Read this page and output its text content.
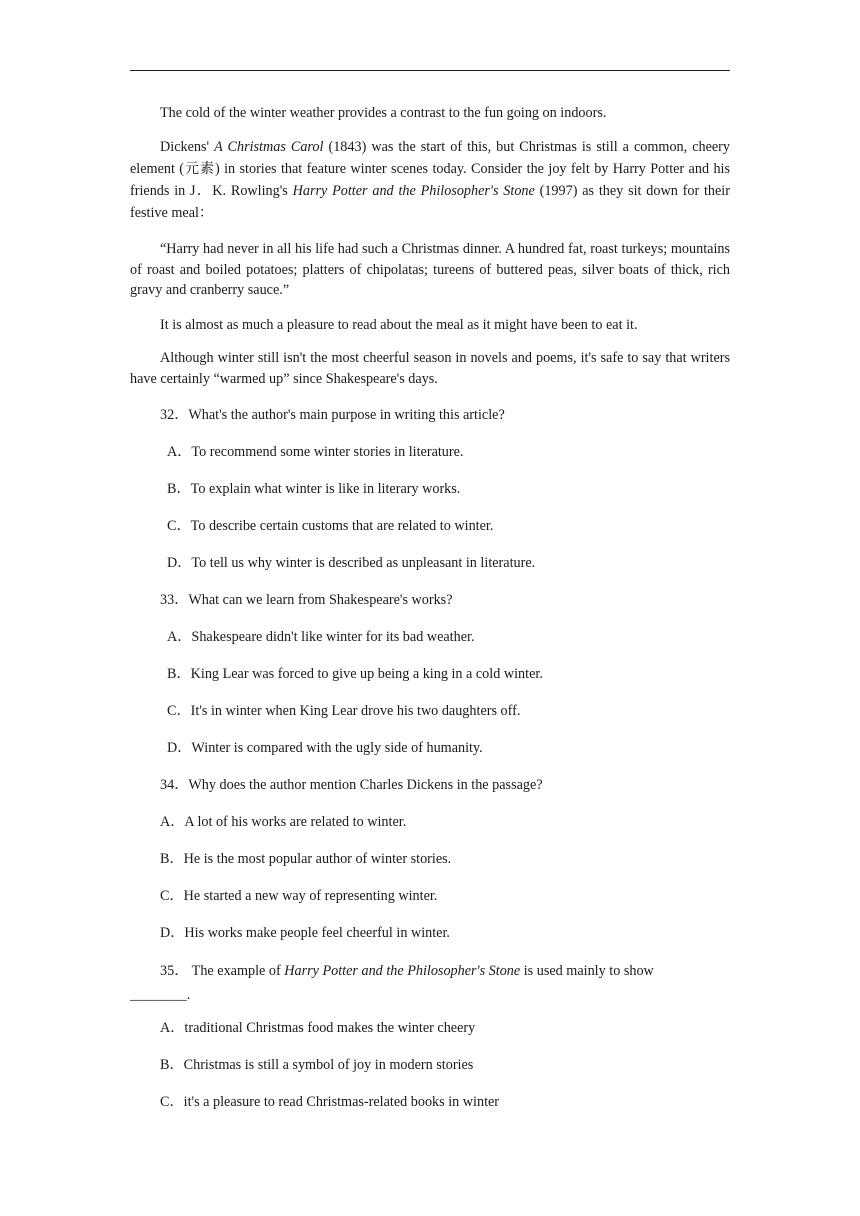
The cold of the winter weather provides a contrast to the fun going on indoors.

Dickens' A Christmas Carol (1843) was the start of this, but Christmas is still a common, cheery element (元素) in stories that feature winter scenes today. Consider the joy felt by Harry Potter and his friends in J．K. Rowling's Harry Potter and the Philosopher's Stone (1997) as they sit down for their festive meal：

“Harry had never in all his life had such a Christmas dinner. A hundred fat, roast turkeys; mountains of roast and boiled potatoes; platters of chipolatas; tureens of buttered peas, silver boats of thick, rich gravy and cranberry sauce.”

It is almost as much a pleasure to read about the meal as it might have been to eat it.

Although winter still isn't the most cheerful season in novels and poems, it's safe to say that writers have certainly “warmed up” since Shakespeare's days.

32．What's the author's main purpose in writing this article?

A．To recommend some winter stories in literature.

B．To explain what winter is like in literary works.

C．To describe certain customs that are related to winter.

D．To tell us why winter is described as unpleasant in literature.

33．What can we learn from Shakespeare's works?

A．Shakespeare didn't like winter for its bad weather.

B．King Lear was forced to give up being a king in a cold winter.

C．It's in winter when King Lear drove his two daughters off.

D．Winter is compared with the ugly side of humanity.

34．Why does the author mention Charles Dickens in the passage?

A．A lot of his works are related to winter.

B．He is the most popular author of winter stories.

C．He started a new way of representing winter.

D．His works make people feel cheerful in winter.

35． The example of Harry Potter and the Philosopher's Stone is used mainly to show

________.

A．traditional Christmas food makes the winter cheery

B．Christmas is still a symbol of joy in modern stories

C．it's a pleasure to read Christmas-related books in winter
